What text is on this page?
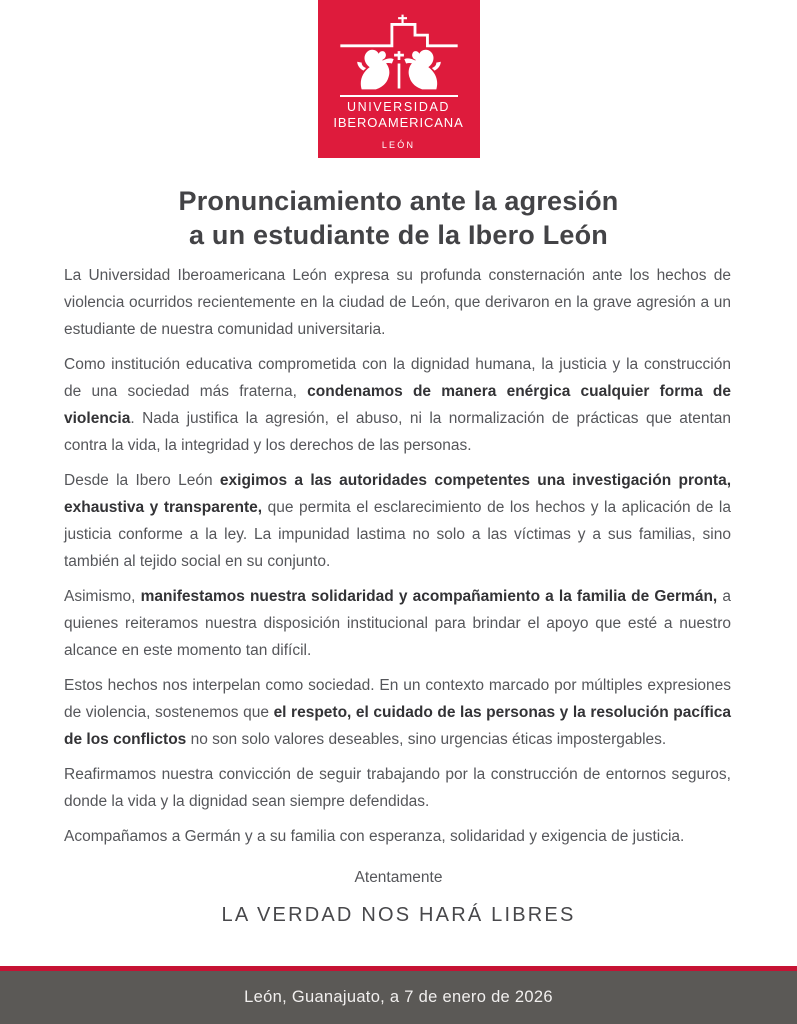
UNIVERSIDAD
IBEROAMERICANA
LEÓN
Pronunciamiento ante la agresión
a un estudiante de la Ibero León

La Universidad Iberoamericana León expresa su profunda consternación ante los hechos de violencia ocurridos recientemente en la ciudad de León, que derivaron en la grave agresión a un estudiante de nuestra comunidad universitaria.

Como institución educativa comprometida con la dignidad humana, la justicia y la construcción de una sociedad más fraterna, condenamos de manera enérgica cualquier forma de violencia. Nada justifica la agresión, el abuso, ni la normalización de prácticas que atentan contra la vida, la integridad y los derechos de las personas.

Desde la Ibero León exigimos a las autoridades competentes una investigación pronta, exhaustiva y transparente, que permita el esclarecimiento de los hechos y la aplicación de la justicia conforme a la ley. La impunidad lastima no solo a las víctimas y a sus familias, sino también al tejido social en su conjunto.

Asimismo, manifestamos nuestra solidaridad y acompañamiento a la familia de Germán, a quienes reiteramos nuestra disposición institucional para brindar el apoyo que esté a nuestro alcance en este momento tan difícil.

Estos hechos nos interpelan como sociedad. En un contexto marcado por múltiples expresiones de violencia, sostenemos que el respeto, el cuidado de las personas y la resolución pacífica de los conflictos no son solo valores deseables, sino urgencias éticas impostergables.

Reafirmamos nuestra convicción de seguir trabajando por la construcción de entornos seguros, donde la vida y la dignidad sean siempre defendidas.

Acompañamos a Germán y a su familia con esperanza, solidaridad y exigencia de justicia.

Atentamente
LA VERDAD NOS HARÁ LIBRES
León, Guanajuato, a 7 de enero de 2026
